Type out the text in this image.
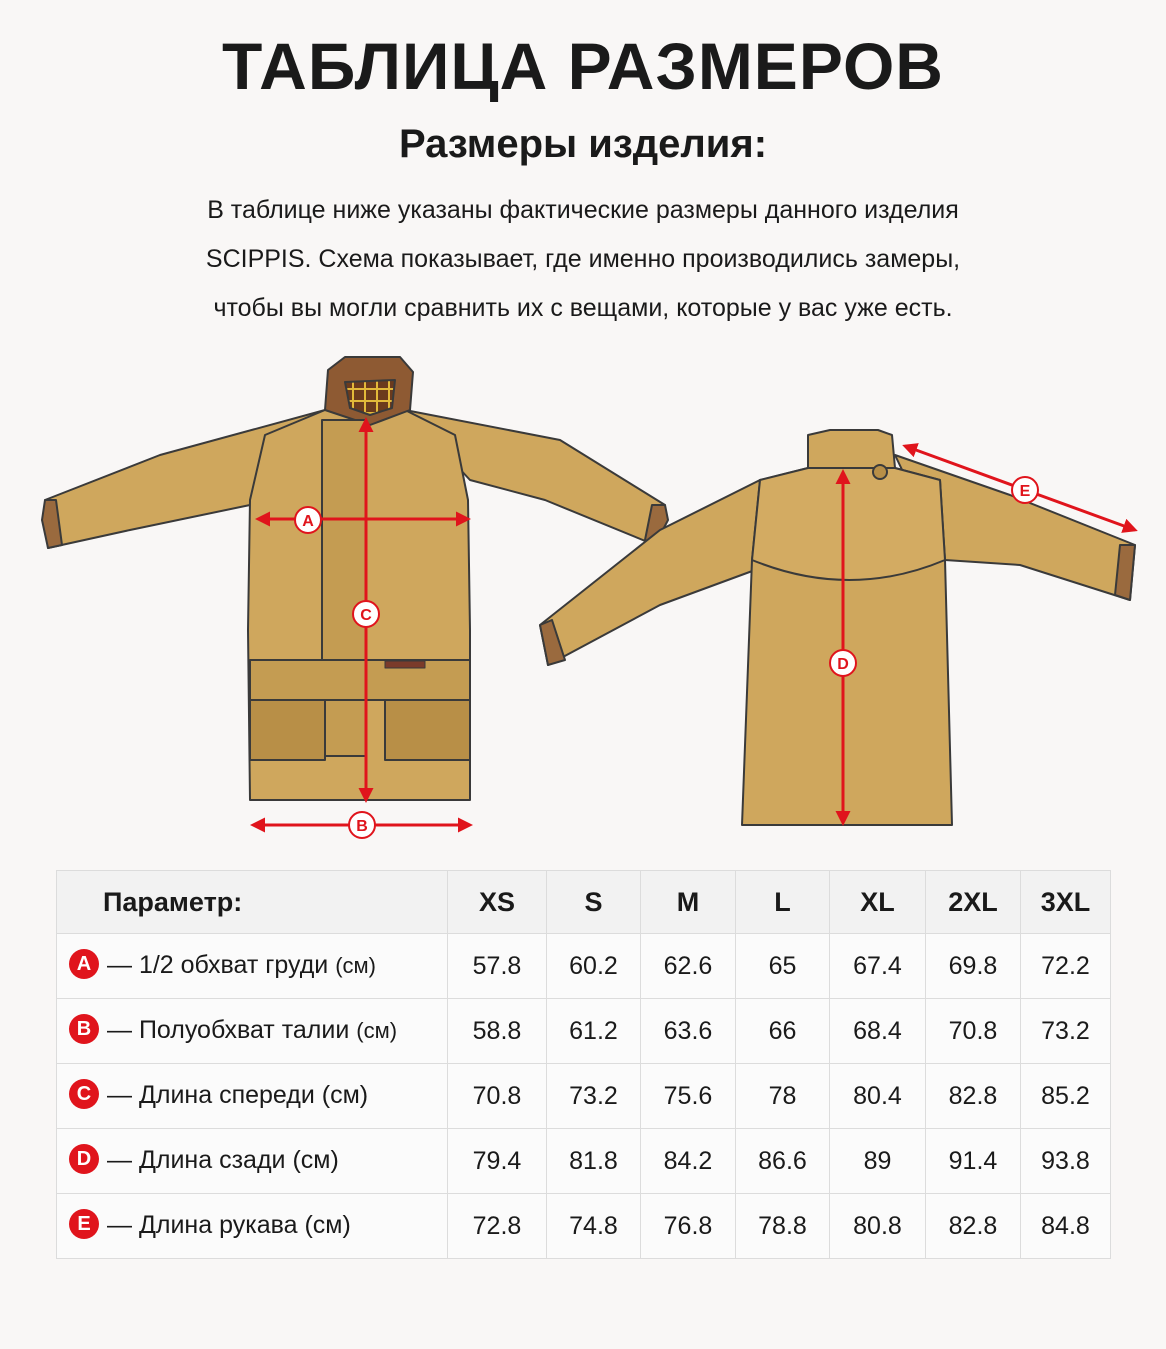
ТАБЛИЦА РАЗМЕРОВ
Размеры изделия:
В таблице ниже указаны фактические размеры данного изделия
SCIPPIS. Схема показывает, где именно производились замеры,
чтобы вы могли сравнить их с вещами, которые у вас уже есть.
A
B
C
D
E
Параметр:	XS	S	M	L	XL	2XL	3XL
A — 1/2 обхват груди (см)	57.8	60.2	62.6	65	67.4	69.8	72.2
B — Полуобхват талии (см)	58.8	61.2	63.6	66	68.4	70.8	73.2
C — Длина спереди (см)	70.8	73.2	75.6	78	80.4	82.8	85.2
D — Длина сзади (см)	79.4	81.8	84.2	86.6	89	91.4	93.8
E — Длина рукава (см)	72.8	74.8	76.8	78.8	80.8	82.8	84.8
